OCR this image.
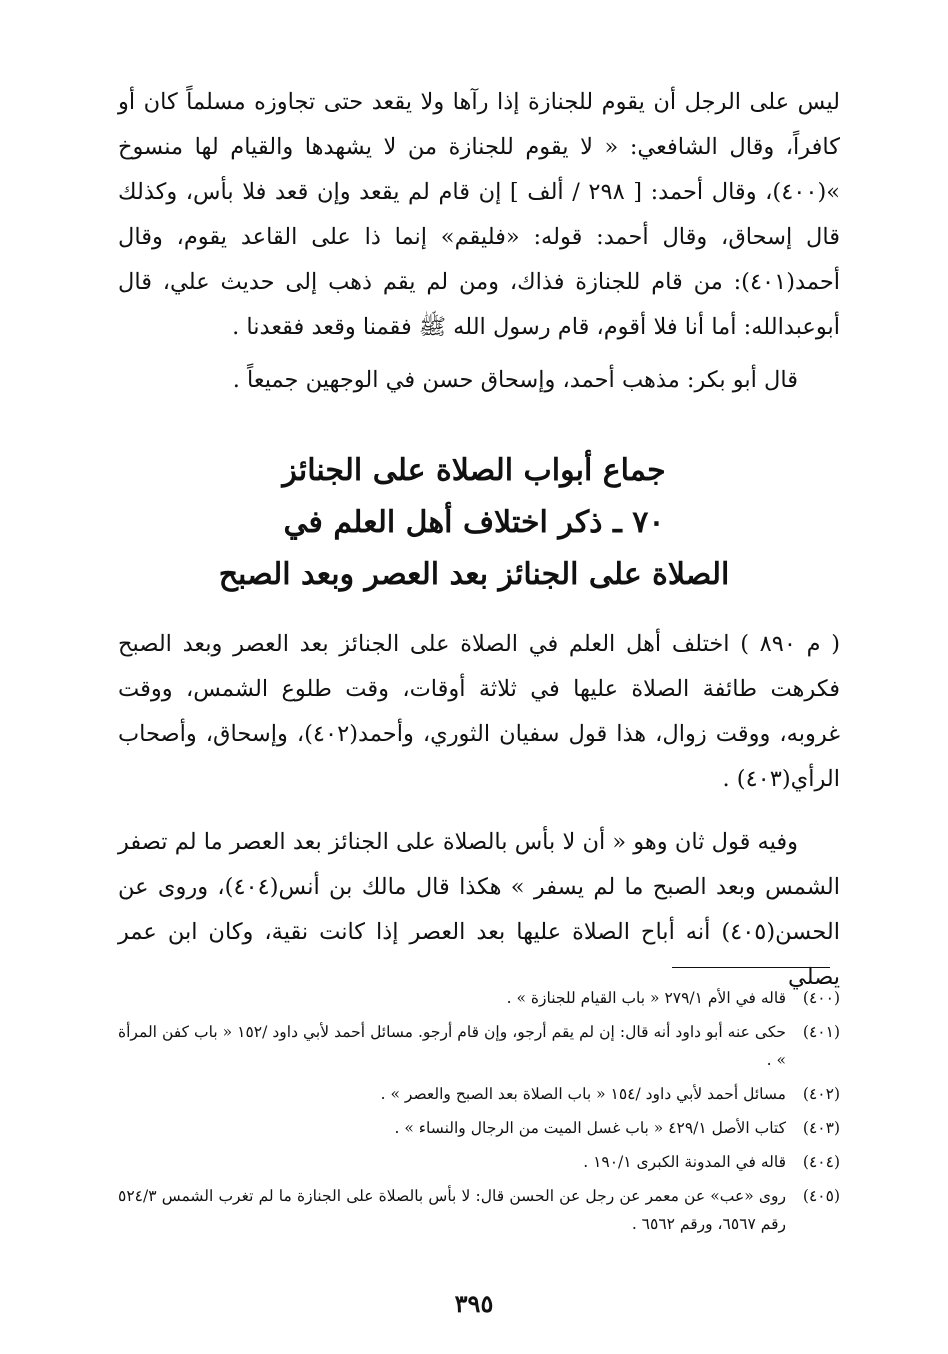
ليس على الرجل أن يقوم للجنازة إذا رآها ولا يقعد حتى تجاوزه مسلماً كان أو كافراً، وقال الشافعي: « لا يقوم للجنازة من لا يشهدها والقيام لها منسوخ »(٤٠٠)، وقال أحمد: [ ٢٩٨ / ألف ] إن قام لم يقعد وإن قعد فلا بأس، وكذلك قال إسحاق، وقال أحمد: قوله: «فليقم» إنما ذا على القاعد يقوم، وقال أحمد(٤٠١): من قام للجنازة فذاك، ومن لم يقم ذهب إلى حديث علي، قال أبوعبدالله: أما أنا فلا أقوم، قام رسول الله ﷺ فقمنا وقعد فقعدنا .

قال أبو بكر: مذهب أحمد، وإسحاق حسن في الوجهين جميعاً .

جماع أبواب الصلاة على الجنائز

٧٠ ـ ذكر اختلاف أهل العلم في

الصلاة على الجنائز بعد العصر وبعد الصبح

( م ٨٩٠ ) اختلف أهل العلم في الصلاة على الجنائز بعد العصر وبعد الصبح فكرهت طائفة الصلاة عليها في ثلاثة أوقات، وقت طلوع الشمس، ووقت غروبه، ووقت زوال، هذا قول سفيان الثوري، وأحمد(٤٠٢)، وإسحاق، وأصحاب الرأي(٤٠٣) .

وفيه قول ثان وهو « أن لا بأس بالصلاة على الجنائز بعد العصر ما لم تصفر الشمس وبعد الصبح ما لم يسفر » هكذا قال مالك بن أنس(٤٠٤)، وروى عن الحسن(٤٠٥) أنه أباح الصلاة عليها بعد العصر إذا كانت نقية، وكان ابن عمر يصلي

(٤٠٠)
قاله في الأم ٢٧٩/١ « باب القيام للجنازة » .
(٤٠١)
حكى عنه أبو داود أنه قال: إن لم يقم أرجو، وإن قام أرجو. مسائل أحمد لأبي داود /١٥٢ « باب كفن المرأة » .
(٤٠٢)
مسائل أحمد لأبي داود /١٥٤ « باب الصلاة بعد الصبح والعصر » .
(٤٠٣)
كتاب الأصل ٤٢٩/١ « باب غسل الميت من الرجال والنساء » .
(٤٠٤)
قاله في المدونة الكبرى ١٩٠/١ .
(٤٠٥)
روى «عب» عن معمر عن رجل عن الحسن قال: لا بأس بالصلاة على الجنازة ما لم تغرب الشمس ٥٢٤/٣ رقم ٦٥٦٧، ورقم ٦٥٦٢ .
٣٩٥
